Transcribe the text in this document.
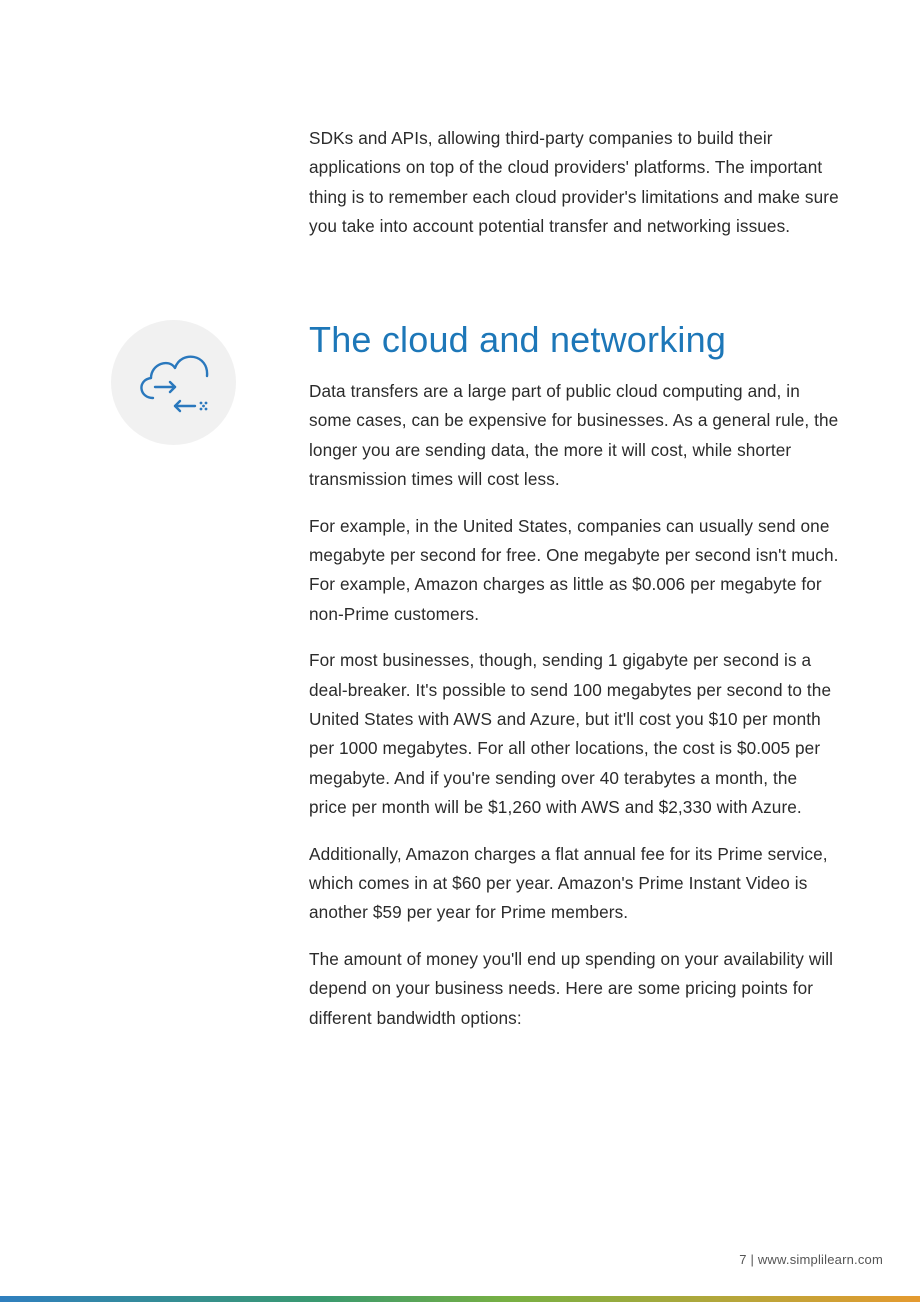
SDKs and APIs, allowing third-party companies to build their applications on top of the cloud providers' platforms. The important thing is to remember each cloud provider's limitations and make sure you take into account potential transfer and networking issues.

The cloud and networking

Data transfers are a large part of public cloud computing and, in some cases, can be expensive for businesses. As a general rule, the longer you are sending data, the more it will cost, while shorter transmission times will cost less.

For example, in the United States, companies can usually send one megabyte per second for free. One megabyte per second isn't much. For example, Amazon charges as little as $0.006 per megabyte for non-Prime customers.

For most businesses, though, sending 1 gigabyte per second is a deal-breaker. It's possible to send 100 megabytes per second to the United States with AWS and Azure, but it'll cost you $10 per month per 1000 megabytes. For all other locations, the cost is $0.005 per megabyte. And if you're sending over 40 terabytes a month, the price per month will be $1,260 with AWS and $2,330 with Azure.

Additionally, Amazon charges a flat annual fee for its Prime service, which comes in at $60 per year. Amazon's Prime Instant Video is another $59 per year for Prime members.

The amount of money you'll end up spending on your availability will depend on your business needs. Here are some pricing points for different bandwidth options:

7 | www.simplilearn.com
